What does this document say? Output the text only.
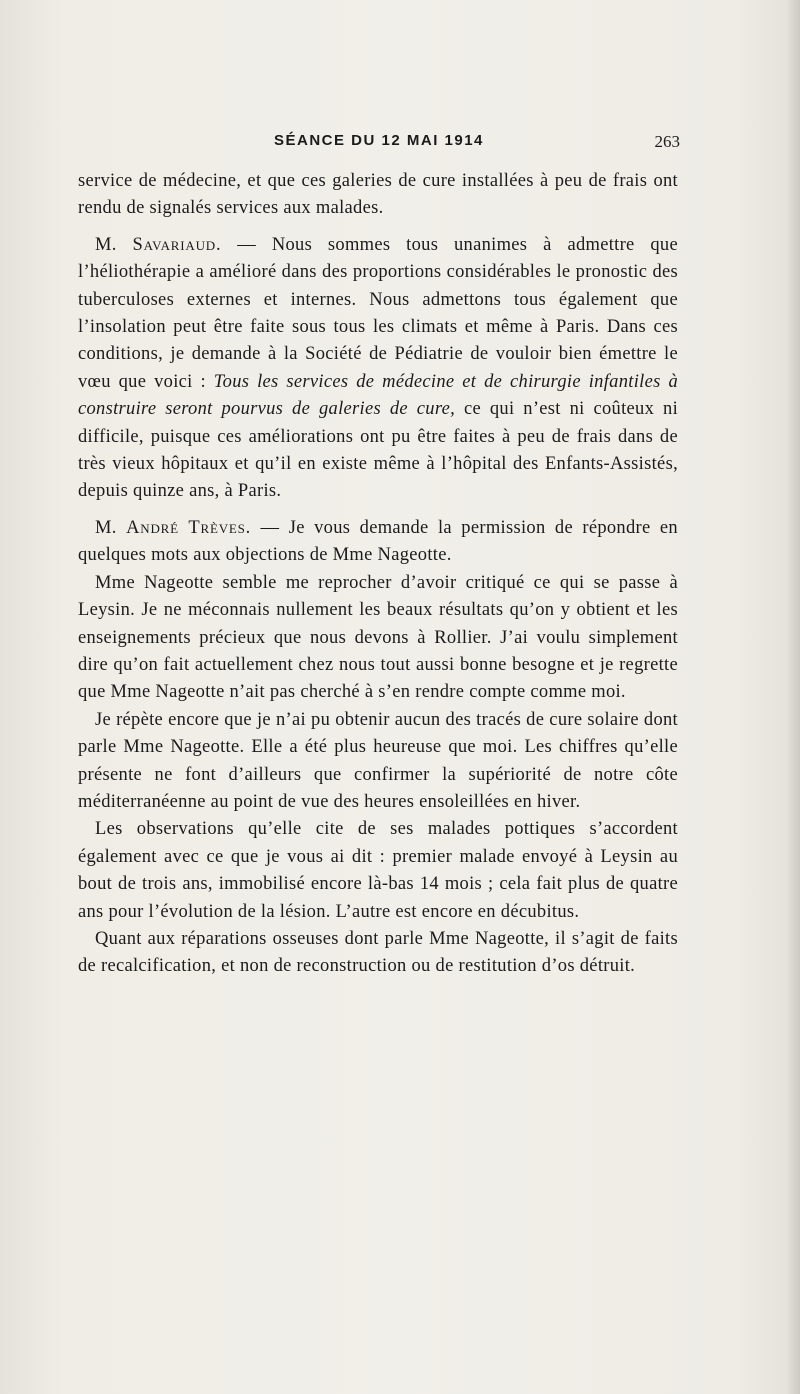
SÉANCE DU 12 MAI 1914	263

service de médecine, et que ces galeries de cure installées à peu de frais ont rendu de signalés services aux malades.

M. Savariaud. — Nous sommes tous unanimes à admettre que l’héliothérapie a amélioré dans des proportions considérables le pronostic des tuberculoses externes et internes. Nous admettons tous également que l’insolation peut être faite sous tous les climats et même à Paris. Dans ces conditions, je demande à la Société de Pédiatrie de vouloir bien émettre le vœu que voici : Tous les services de médecine et de chirurgie infantiles à construire seront pourvus de galeries de cure, ce qui n’est ni coûteux ni difficile, puisque ces améliorations ont pu être faites à peu de frais dans de très vieux hôpitaux et qu’il en existe même à l’hôpital des Enfants-Assistés, depuis quinze ans, à Paris.

M. André Trèves. — Je vous demande la permission de répondre en quelques mots aux objections de Mme Nageotte.

Mme Nageotte semble me reprocher d’avoir critiqué ce qui se passe à Leysin. Je ne méconnais nullement les beaux résultats qu’on y obtient et les enseignements précieux que nous devons à Rollier. J’ai voulu simplement dire qu’on fait actuellement chez nous tout aussi bonne besogne et je regrette que Mme Nageotte n’ait pas cherché à s’en rendre compte comme moi.

Je répète encore que je n’ai pu obtenir aucun des tracés de cure solaire dont parle Mme Nageotte. Elle a été plus heureuse que moi. Les chiffres qu’elle présente ne font d’ailleurs que confirmer la supériorité de notre côte méditerranéenne au point de vue des heures ensoleillées en hiver.

Les observations qu’elle cite de ses malades pottiques s’accordent également avec ce que je vous ai dit : premier malade envoyé à Leysin au bout de trois ans, immobilisé encore là-bas 14 mois ; cela fait plus de quatre ans pour l’évolution de la lésion. L’autre est encore en décubitus.

Quant aux réparations osseuses dont parle Mme Nageotte, il s’agit de faits de recalcification, et non de reconstruction ou de restitution d’os détruit.
